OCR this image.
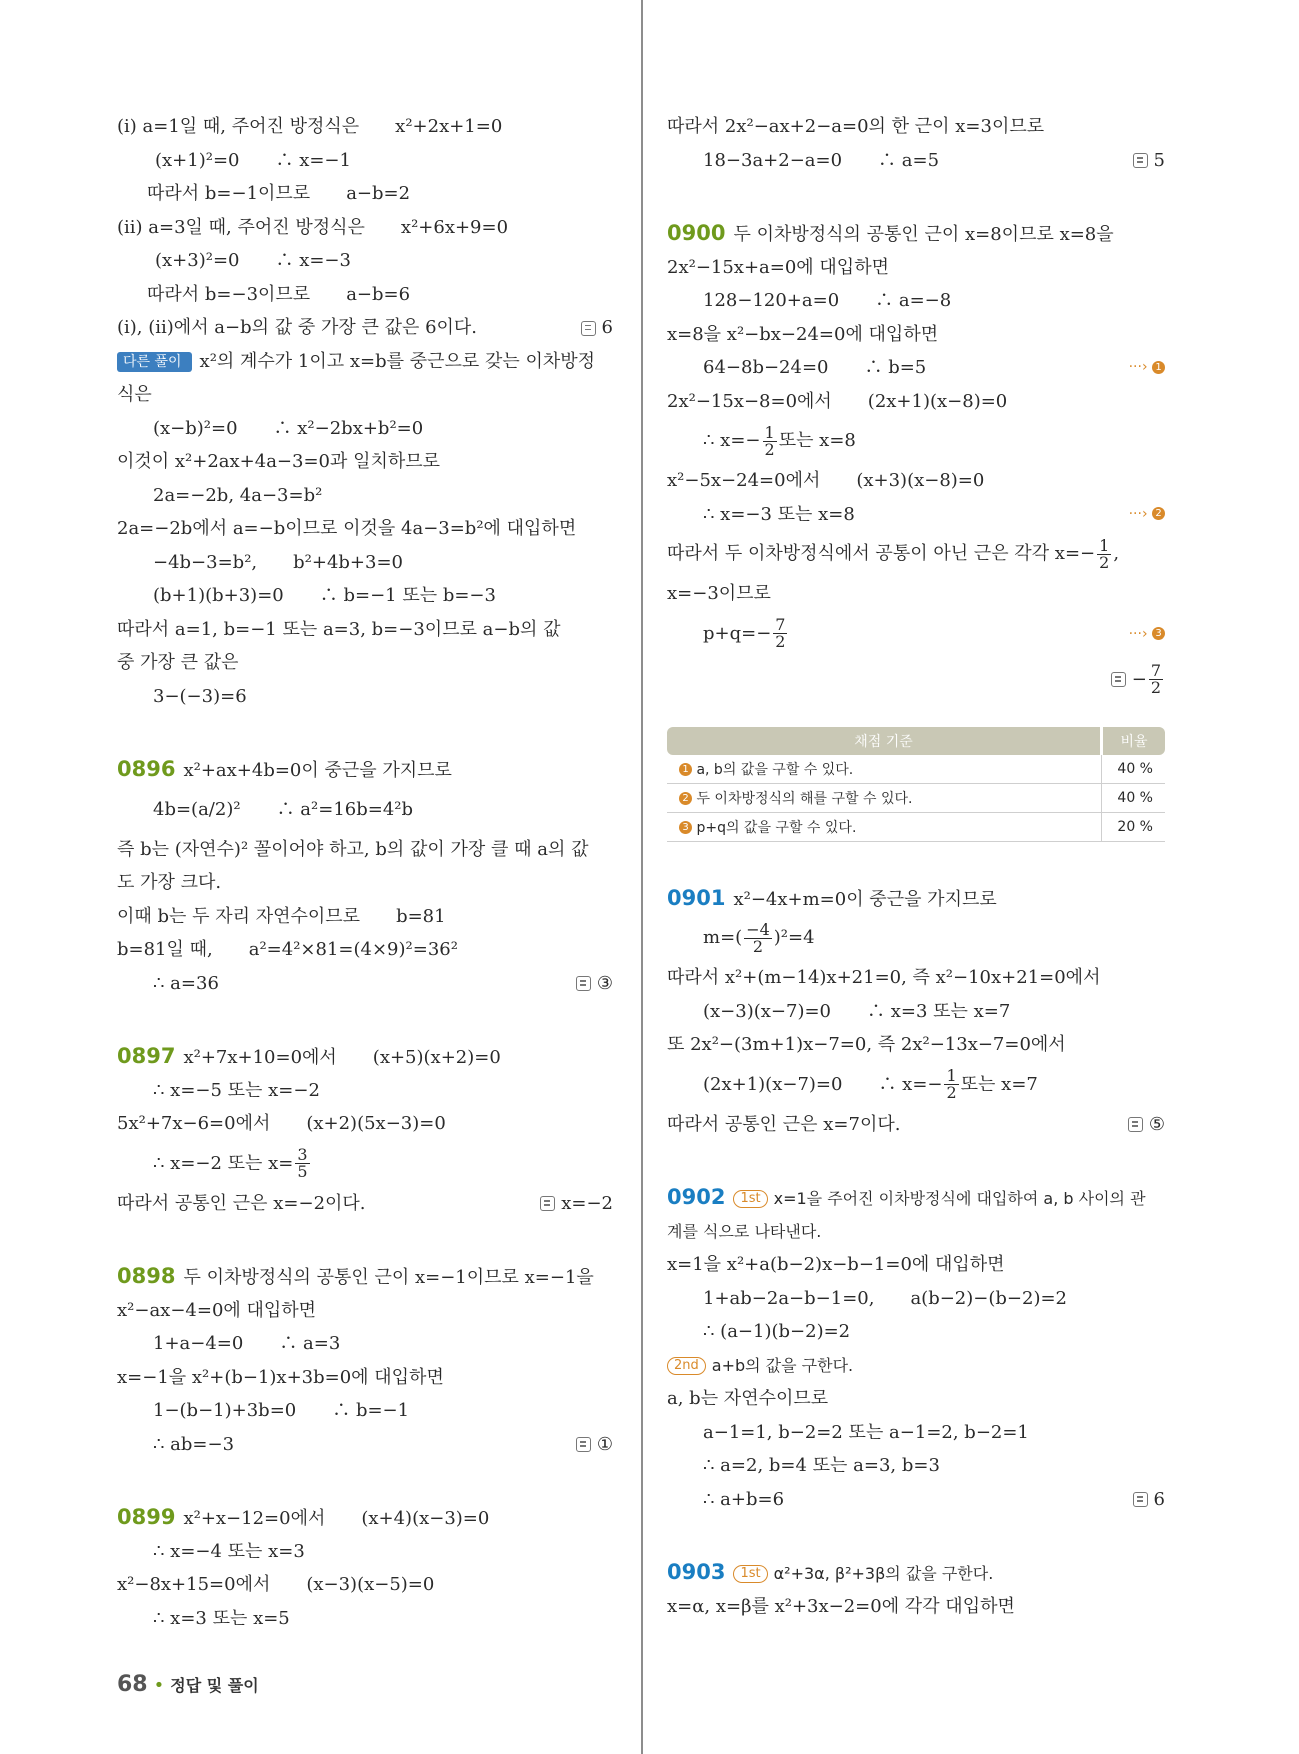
(ⅰ) a=1일 때, 주어진 방정식은　　x²+2x+1=0
(x+1)²=0　　∴ x=−1
따라서 b=−1이므로　　a−b=2
(ⅱ) a=3일 때, 주어진 방정식은　　x²+6x+9=0
(x+3)²=0　　∴ x=−3
따라서 b=−3이므로　　a−b=6
(ⅰ), (ⅱ)에서 a−b의 값 중 가장 큰 값은 6이다.	6
다른 풀이 x²의 계수가 1이고 x=b를 중근으로 갖는 이차방정
식은
(x−b)²=0　　∴ x²−2bx+b²=0
이것이 x²+2ax+4a−3=0과 일치하므로
2a=−2b, 4a−3=b²
2a=−2b에서 a=−b이므로 이것을 4a−3=b²에 대입하면
−4b−3=b²,　　b²+4b+3=0
(b+1)(b+3)=0　　∴ b=−1 또는 b=−3
따라서 a=1, b=−1 또는 a=3, b=−3이므로 a−b의 값
중 가장 큰 값은
3−(−3)=6
0896 x²+ax+4b=0이 중근을 가지므로
4b=(a/2)²　　∴ a²=16b=4²b
즉 b는 (자연수)² 꼴이어야 하고, b의 값이 가장 클 때 a의 값
도 가장 크다.
이때 b는 두 자리 자연수이므로　　b=81
b=81일 때,　　a²=4²×81=(4×9)²=36²
∴ a=36	③
0897 x²+7x+10=0에서　　(x+5)(x+2)=0
∴ x=−5 또는 x=−2
5x²+7x−6=0에서　　(x+2)(5x−3)=0
∴ x=−2 또는 $x= \frac{3}{5}$
따라서 공통인 근은 x=−2이다.	x=−2
0898 두 이차방정식의 공통인 근이 x=−1이므로 x=−1을
x²−ax−4=0에 대입하면
1+a−4=0　　∴ a=3
x=−1을 x²+(b−1)x+3b=0에 대입하면
1−(b−1)+3b=0　　∴ b=−1
∴ ab=−3	①
0899 x²+x−12=0에서　　(x+4)(x−3)=0
∴ x=−4 또는 x=3
x²−8x+15=0에서　　(x−3)(x−5)=0
∴ x=3 또는 x=5
따라서 2x²−ax+2−a=0의 한 근이 x=3이므로
18−3a+2−a=0　　∴ a=5	5
0900 두 이차방정식의 공통인 근이 x=8이므로 x=8을
2x²−15x+a=0에 대입하면
128−120+a=0　　∴ a=−8
x=8을 x²−bx−24=0에 대입하면
64−8b−24=0　　∴ b=5	···› 1
2x²−15x−8=0에서　　(2x+1)(x−8)=0
∴ $x=- \frac{1}{2}$ 또는 x=8
x²−5x−24=0에서　　(x+3)(x−8)=0
∴ x=−3 또는 x=8	···› 2
따라서 두 이차방정식에서 공통이 아닌 근은 각각 $x=- \frac{1}{2}$ ,
x=−3이므로
$p+q=- \frac{7}{2}$	···› 3
− $\frac{7}{2}$
채점 기준	비율
1 a, b의 값을 구할 수 있다.	40 %
2 두 이차방정식의 해를 구할 수 있다.	40 %
3 p+q의 값을 구할 수 있다.	20 %
0901 x²−4x+m=0이 중근을 가지므로
$m=( \frac{-4}{2} )^2=4$
따라서 x²+(m−14)x+21=0, 즉 x²−10x+21=0에서
(x−3)(x−7)=0　　∴ x=3 또는 x=7
또 2x²−(3m+1)x−7=0, 즉 2x²−13x−7=0에서
(2x+1)(x−7)=0　　∴ $x=- \frac{1}{2}$ 또는 x=7
따라서 공통인 근은 x=7이다.	⑤
0902 1st x=1을 주어진 이차방정식에 대입하여 a, b 사이의 관
계를 식으로 나타낸다.
x=1을 x²+a(b−2)x−b−1=0에 대입하면
1+ab−2a−b−1=0,　　a(b−2)−(b−2)=2
∴ (a−1)(b−2)=2
2nd a+b의 값을 구한다.
a, b는 자연수이므로
a−1=1, b−2=2 또는 a−1=2, b−2=1
∴ a=2, b=4 또는 a=3, b=3
∴ a+b=6	6
0903 1st α²+3α, β²+3β의 값을 구한다.
x=α, x=β를 x²+3x−2=0에 각각 대입하면
68 • 정답 및 풀이
